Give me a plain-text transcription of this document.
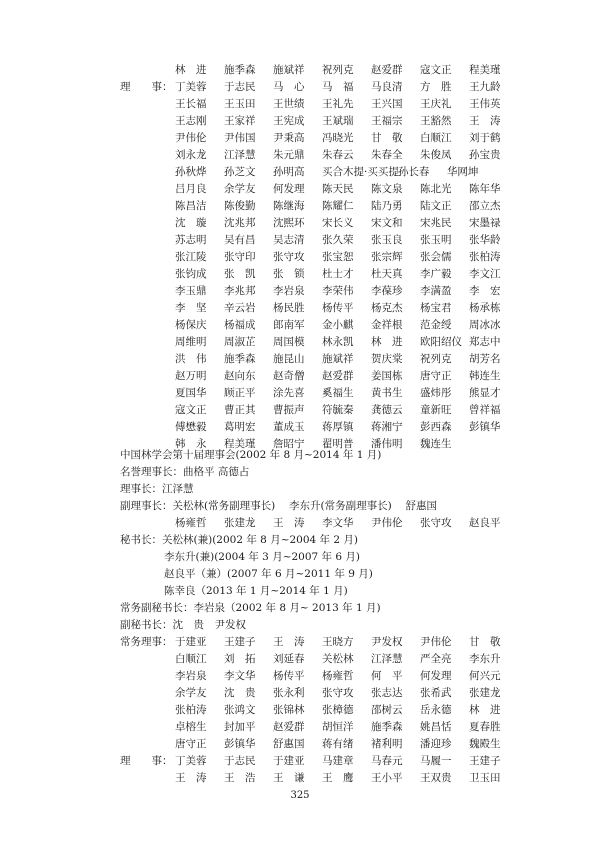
林　进 施季森 施斌祥 祝列克 赵爱群 寇文正 程美瑾
理　　事： 丁美蓉 于志民 马　心 马　福 马良清 方　胜 王九龄
王长福 王玉田 王世绩 王礼先 王兴国 王庆礼 王伟英
王志刚 王家祥 王宪成 王斌瑞 王福宗 王豁然 王　涛
尹伟伦 尹伟国 尹秉高 冯晓光 甘　敬 白顺江 刘于鹤
刘永龙 江泽慧 朱元鼎 朱春云 朱春全 朱俊凤 孙宝贵
孙秋烨 孙芝文 孙明高 买合木提·买买提 孙长春 华网坤
吕月良 余学友 何发理 陈天民 陈文泉 陈北光 陈年华
陈昌洁 陈俊勤 陈继海 陈耀仁 陆乃勇 陆文正 邵立杰
沈　璇 沈兆邦 沈熙环 宋长义 宋文和 宋兆民 宋墨禄
苏志明 吴有昌 吴志清 张久荣 张玉良 张玉明 张华龄
张江陵 张守印 张守攻 张宝恕 张宗辉 张会儒 张柏涛
张钧成 张　凯 张　锁 杜士才 杜天真 李广毅 李文江
李玉鼎 李兆邦 李岩泉 李荣伟 李葆珍 李满盈 李　宏
李　坚 辛云岩 杨民胜 杨传平 杨克杰 杨宝君 杨承栋
杨保庆 杨福成 郎南军 金小麒 金祥根 范金绶 周冰冰
周维明 周淑芷 周国模 林永凯 林　进 欧阳绍仪 郑志中
洪　伟 施季森 施昆山 施斌祥 贺庆棠 祝列克 胡芳名
赵万明 赵向东 赵奇僧 赵爱群 姜国栋 唐守正 韩连生
夏国华 顾正平 涂先喜 奚福生 黄书生 盛炜彤 熊显才
寇文正 曹正其 曹振声 符毓秦 龚德云 童新旺 曾祥福
傅懋毅 葛明宏 董成玉 蒋厚镇 蒋湘宁 彭西森 彭镇华
韩　永 程美瑾 詹昭宁 翟明普 潘伟明 魏连生
中国林学会第十届理事会(2002 年 8 月~2014 年 1 月)
名誉理事长：曲格平 高德占
理事长：江泽慧
副理事长：关松林(常务副理事长)　 李东升(常务副理事长)　 舒惠国
杨雍哲 张建龙 王　涛 李文华 尹伟伦 张守攻 赵良平
秘书长：关松林(兼)(2002 年 8 月~2004 年 2 月)
李东升(兼)(2004 年 3 月~2007 年 6 月)
赵良平（兼）(2007 年 6 月~2011 年 9 月)
陈幸良（2013 年 1 月~2014 年 1 月)
常务副秘书长：李岩泉（2002 年 8 月~ 2013 年 1 月)
副秘书长：沈　贵　尹发权
常务理事： 于建亚 王建子 王　涛 王晓方 尹发权 尹伟伦 甘　敬
白顺江 刘　拓 刘延春 关松林 江泽慧 严全亮 李东升
李岩泉 李文华 杨传平 杨雍哲 何　平 何发理 何兴元
余学友 沈　贵 张永利 张守攻 张志达 张希武 张建龙
张柏涛 张鸿文 张锦林 张樟德 邵树云 岳永德 林　进
卓榕生 封加平 赵爱群 胡恒洋 施季森 姚昌恬 夏春胜
唐守正 彭镇华 舒惠国 蒋有绪 褚利明 潘迎珍 魏殿生
理　　事： 丁美蓉 于志民 于建亚 马建章 马春元 马履一 王建子
王　涛 王　浩 王　谦 王　鹰 王小平 王双贵 卫玉田
325
